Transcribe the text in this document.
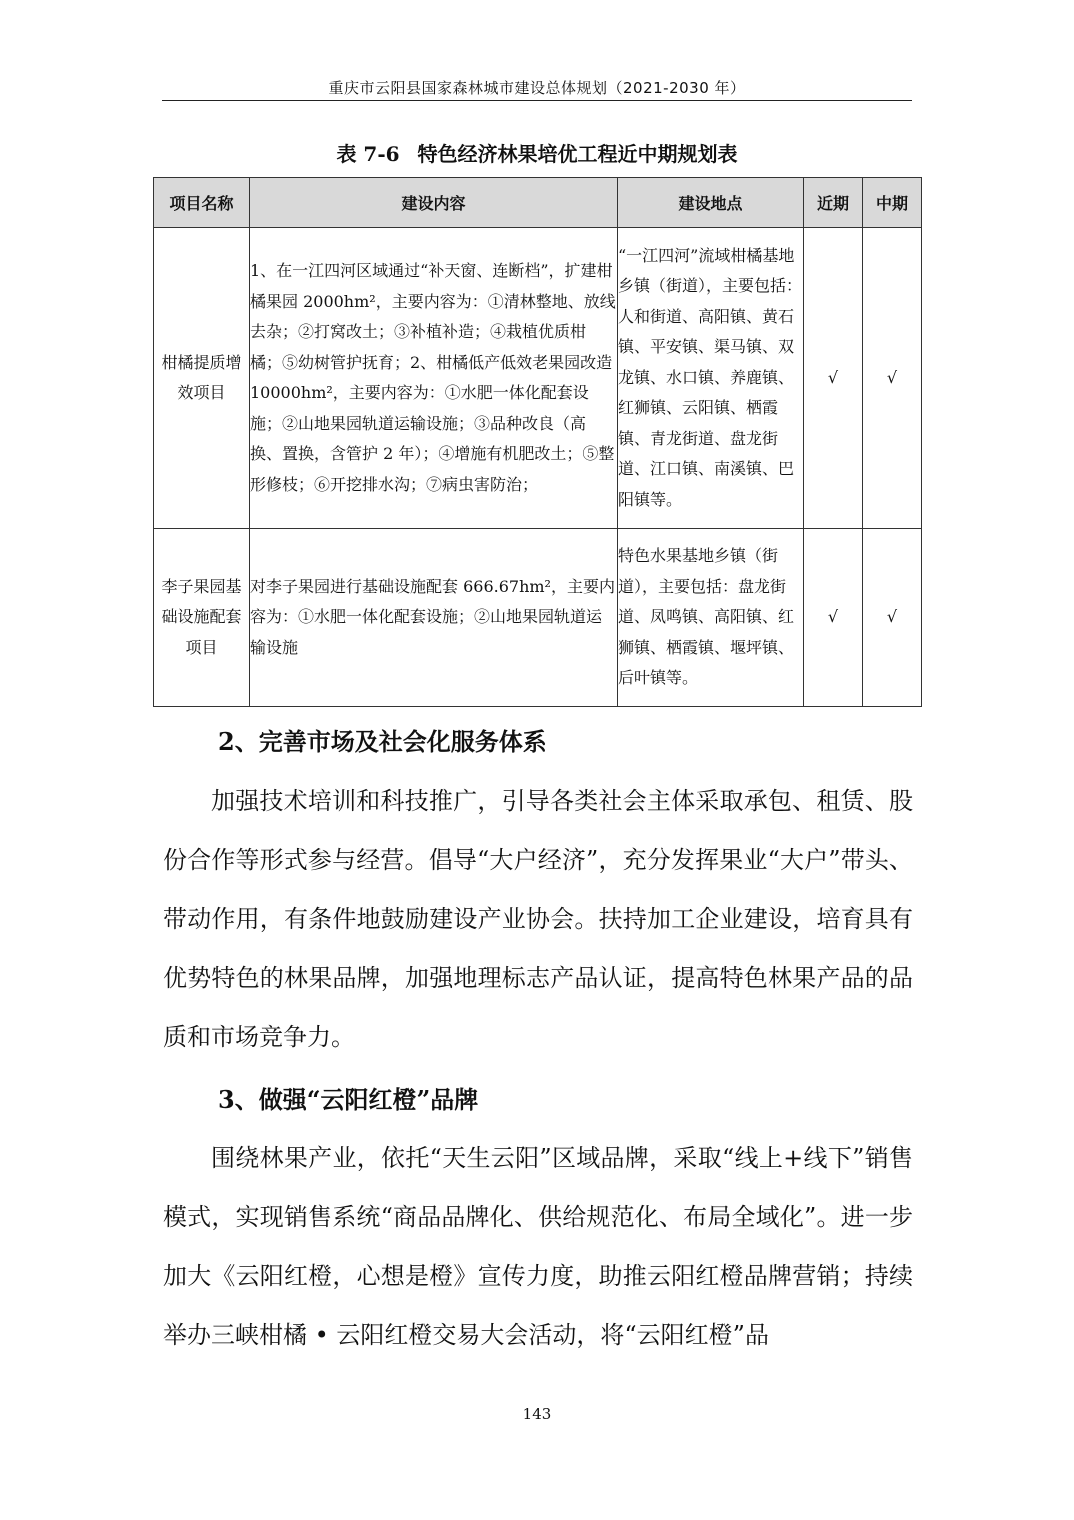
重庆市云阳县国家森林城市建设总体规划（2021-2030 年）
表 7-6 特色经济林果培优工程近中期规划表
项目名称	建设内容	建设地点	近期	中期
柑橘提质增效项目	1、在一江四河区域通过“补天窗、连断档”，扩建柑橘果园 2000hm²，主要内容为：①清林整地、放线去杂；②打窝改土；③补植补造；④栽植优质柑橘；⑤幼树管护抚育；2、柑橘低产低效老果园改造 10000hm²，主要内容为：①水肥一体化配套设施；②山地果园轨道运输设施；③品种改良（高换、置换，含管护 2 年）；④增施有机肥改土；⑤整形修枝；⑥开挖排水沟；⑦病虫害防治；	“一江四河”流域柑橘基地乡镇（街道），主要包括：人和街道、高阳镇、黄石镇、平安镇、渠马镇、双龙镇、水口镇、养鹿镇、红狮镇、云阳镇、栖霞镇、青龙街道、盘龙街道、江口镇、南溪镇、巴阳镇等。	√	√
李子果园基础设施配套项目	对李子果园进行基础设施配套 666.67hm²，主要内容为：①水肥一体化配套设施；②山地果园轨道运输设施	特色水果基地乡镇（街道），主要包括：盘龙街道、凤鸣镇、高阳镇、红狮镇、栖霞镇、堰坪镇、后叶镇等。	√	√
2、完善市场及社会化服务体系

加强技术培训和科技推广，引导各类社会主体采取承包、租赁、股份合作等形式参与经营。倡导“大户经济”，充分发挥果业“大户”带头、带动作用，有条件地鼓励建设产业协会。扶持加工企业建设，培育具有优势特色的林果品牌，加强地理标志产品认证，提高特色林果产品的品质和市场竞争力。

3、做强“云阳红橙”品牌

围绕林果产业，依托“天生云阳”区域品牌，采取“线上+线下”销售模式，实现销售系统“商品品牌化、供给规范化、布局全域化”。进一步加大《云阳红橙，心想是橙》宣传力度，助推云阳红橙品牌营销；持续举办三峡柑橘 • 云阳红橙交易大会活动，将“云阳红橙”品

143
